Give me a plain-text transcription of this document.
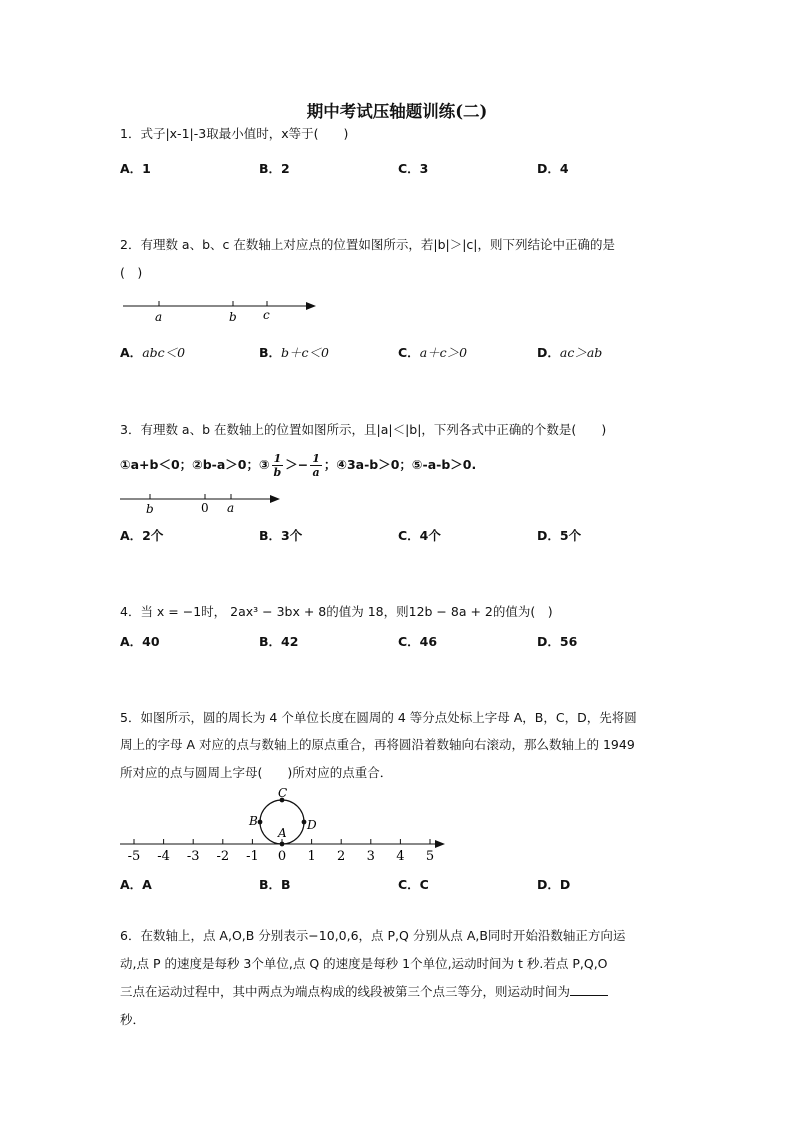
期中考试压轴题训练(二)
1．式子|x-1|-3取最小值时，x等于(　　)
A．1	B．2	C．3	D．4
2．有理数 a、b、c 在数轴上对应点的位置如图所示，若|b|＞|c|，则下列结论中正确的是
(　)
a	b c
A．abc＜0	B．b＋c＜0	C．a＋c＞0	D．ac＞ab
3．有理数 a、b 在数轴上的位置如图所示，且|a|＜|b|，下列各式中正确的个数是(　　)
①a+b＜0；②b-a＞0；③ $\frac{1}{b} >- \frac{1}{a}$ ；④3a-b＞0；⑤-a-b＞0.
b	0 a
A．2个	B．3个	C．4个	D．5个
4．当 x = −1时， 2ax³ − 3bx + 8的值为 18，则12b − 8a + 2的值为(　)
A．40	B．42	C．46	D．56
5．如图所示，圆的周长为 4 个单位长度在圆周的 4 等分点处标上字母 A，B，C，D，先将圆
周上的字母 A 对应的点与数轴上的原点重合，再将圆沿着数轴向右滚动，那么数轴上的 1949
所对应的点与圆周上字母(　　)所对应的点重合．
C
B
A
D
-5 -4 -3 -2 -1 0 1 2 3 4 5
A．A	B．B	C．C	D．D
6．在数轴上，点 A,O,B 分别表示−10,0,6，点 P,Q 分别从点 A,B同时开始沿数轴正方向运
动,点 P 的速度是每秒 3个单位,点 Q 的速度是每秒 1个单位,运动时间为 t 秒.若点 P,Q,O
三点在运动过程中，其中两点为端点构成的线段被第三个点三等分，则运动时间为
秒．
